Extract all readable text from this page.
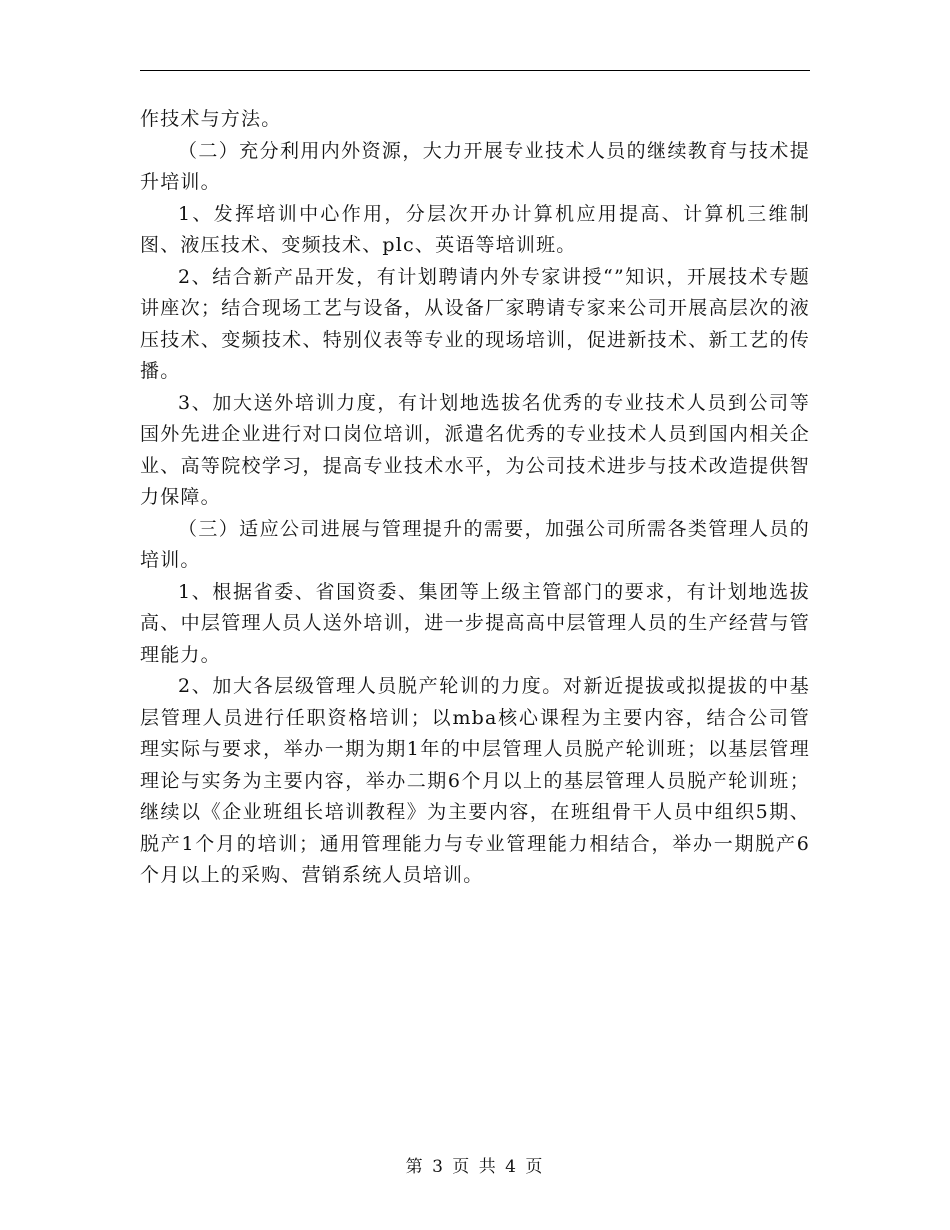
作技术与方法。

（二）充分利用内外资源，大力开展专业技术人员的继续教育与技术提升培训。

1、发挥培训中心作用，分层次开办计算机应用提高、计算机三维制图、液压技术、变频技术、plc、英语等培训班。

2、结合新产品开发，有计划聘请内外专家讲授“”知识，开展技术专题讲座次；结合现场工艺与设备，从设备厂家聘请专家来公司开展高层次的液压技术、变频技术、特别仪表等专业的现场培训，促进新技术、新工艺的传播。

3、加大送外培训力度，有计划地选拔名优秀的专业技术人员到公司等国外先进企业进行对口岗位培训，派遣名优秀的专业技术人员到国内相关企业、高等院校学习，提高专业技术水平，为公司技术进步与技术改造提供智力保障。

（三）适应公司进展与管理提升的需要，加强公司所需各类管理人员的培训。

1、根据省委、省国资委、集团等上级主管部门的要求，有计划地选拔高、中层管理人员人送外培训，进一步提高高中层管理人员的生产经营与管理能力。

2、加大各层级管理人员脱产轮训的力度。对新近提拔或拟提拔的中基层管理人员进行任职资格培训；以mba核心课程为主要内容，结合公司管理实际与要求，举办一期为期1年的中层管理人员脱产轮训班；以基层管理理论与实务为主要内容，举办二期6个月以上的基层管理人员脱产轮训班；继续以《企业班组长培训教程》为主要内容，在班组骨干人员中组织5期、脱产1个月的培训；通用管理能力与专业管理能力相结合，举办一期脱产6个月以上的采购、营销系统人员培训。

第 3 页 共 4 页
